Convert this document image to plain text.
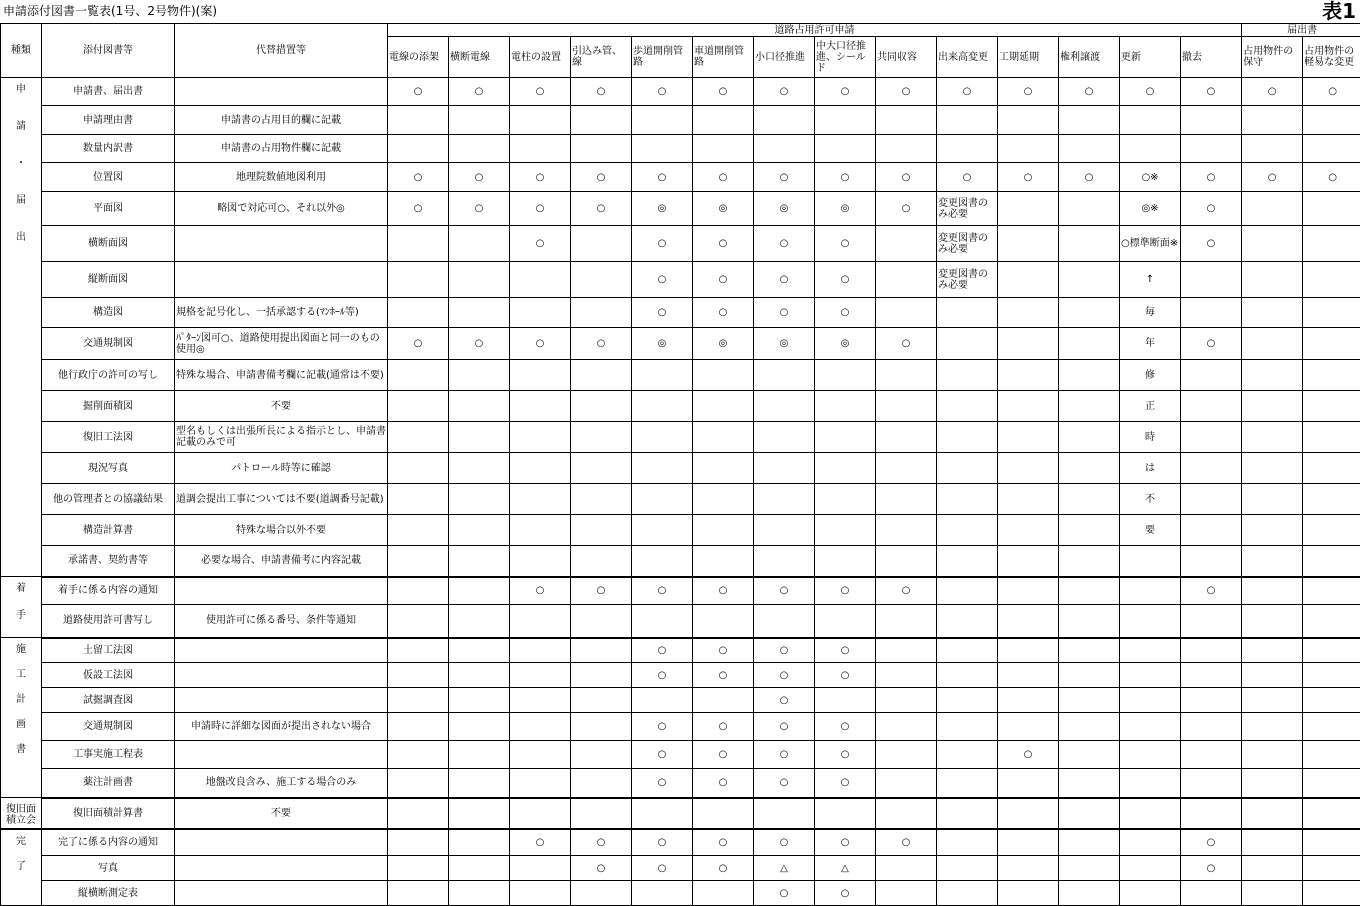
申請添付図書一覧表(1号、2号物件)(案)	表1
種類	添付図書等	代替措置等	道路占用許可申請														届出書	
			電線の添架	横断電線	電柱の設置	引込み管、線	歩道開削管路	車道開削管路	小口径推進	中大口径推進、シールド	共同収容	出来高変更	工期延期	権利譲渡	更新	撤去	占用物件の保守	占用物件の軽易な変更

申
請
・
届
出	申請書、届出書		○	○	○	○	○	○	○	○	○	○	○	○	○	○	○	○
	申請理由書	申請書の占用目的欄に記載																
	数量内訳書	申請書の占用物件欄に記載																
	位置図	地理院数値地図利用	○	○	○	○	○	○	○	○	○	○	○	○	○※	○	○	○
	平面図	略図で対応可○、それ以外◎	○	○	○	○	◎	◎	◎	◎	○	変更図書のみ必要			◎※	○		
	横断面図				○		○	○	○	○		変更図書のみ必要			○標準断面※	○		
	縦断面図						○	○	○	○		変更図書のみ必要			↑			
	構造図	規格を記号化し、一括承認する(ﾏﾝﾎｰﾙ等)					○	○	○	○					毎			
	交通規制図	ﾊﾟﾀｰﾝ図可○、道路使用提出図面と同一のもの使用◎	○	○	○	○	◎	◎	◎	◎	○				年	○		
	他行政庁の許可の写し	特殊な場合、申請書備考欄に記載(通常は不要)													修			
	掘削面積図	不要													正			
	復旧工法図	型名もしくは出張所長による指示とし、申請書記載のみで可													時			
	現況写真	パトロール時等に確認													は			
	他の管理者との協議結果	道調会提出工事については不要(道調番号記載)													不			
	構造計算書	特殊な場合以外不要													要			
	承諾書、契約書等	必要な場合、申請書備考に内容記載																

着
手	着手に係る内容の通知				○	○	○	○	○	○	○					○		
	道路使用許可書写し	使用許可に係る番号、条件等通知																

施
工
計
画
書	土留工法図						○	○	○	○								
	仮設工法図						○	○	○	○								
	試掘調査図								○									
	交通規制図	申請時に詳細な図面が提出されない場合					○	○	○	○								
	工事実施工程表						○	○	○	○			○					
	薬注計画書	地盤改良含み、施工する場合のみ					○	○	○	○								
復旧面積立会	復旧面積計算書	不要																

完
了	完了に係る内容の通知				○	○	○	○	○	○	○					○		
	写真					○	○	○	△	△						○		
	縦横断測定表								○	○								
